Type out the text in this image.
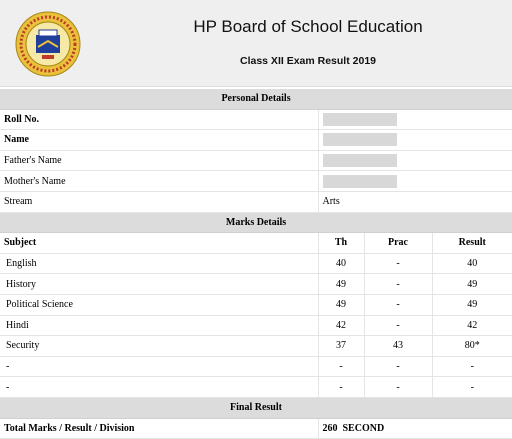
HP Board of School Education
Class XII Exam Result 2019
Personal Details			
Roll No.			
Name			
Father's Name			
Mother's Name			
Stream	Arts		
Marks Details			
Subject	Th	Prac	Result
English	40	-	40
History	49	-	49
Political Science	49	-	49
Hindi	42	-	42
Security	37	43	80*
-	-	-	-
-	-	-	-
Final Result			
Total Marks / Result / Division	260  SECOND		
